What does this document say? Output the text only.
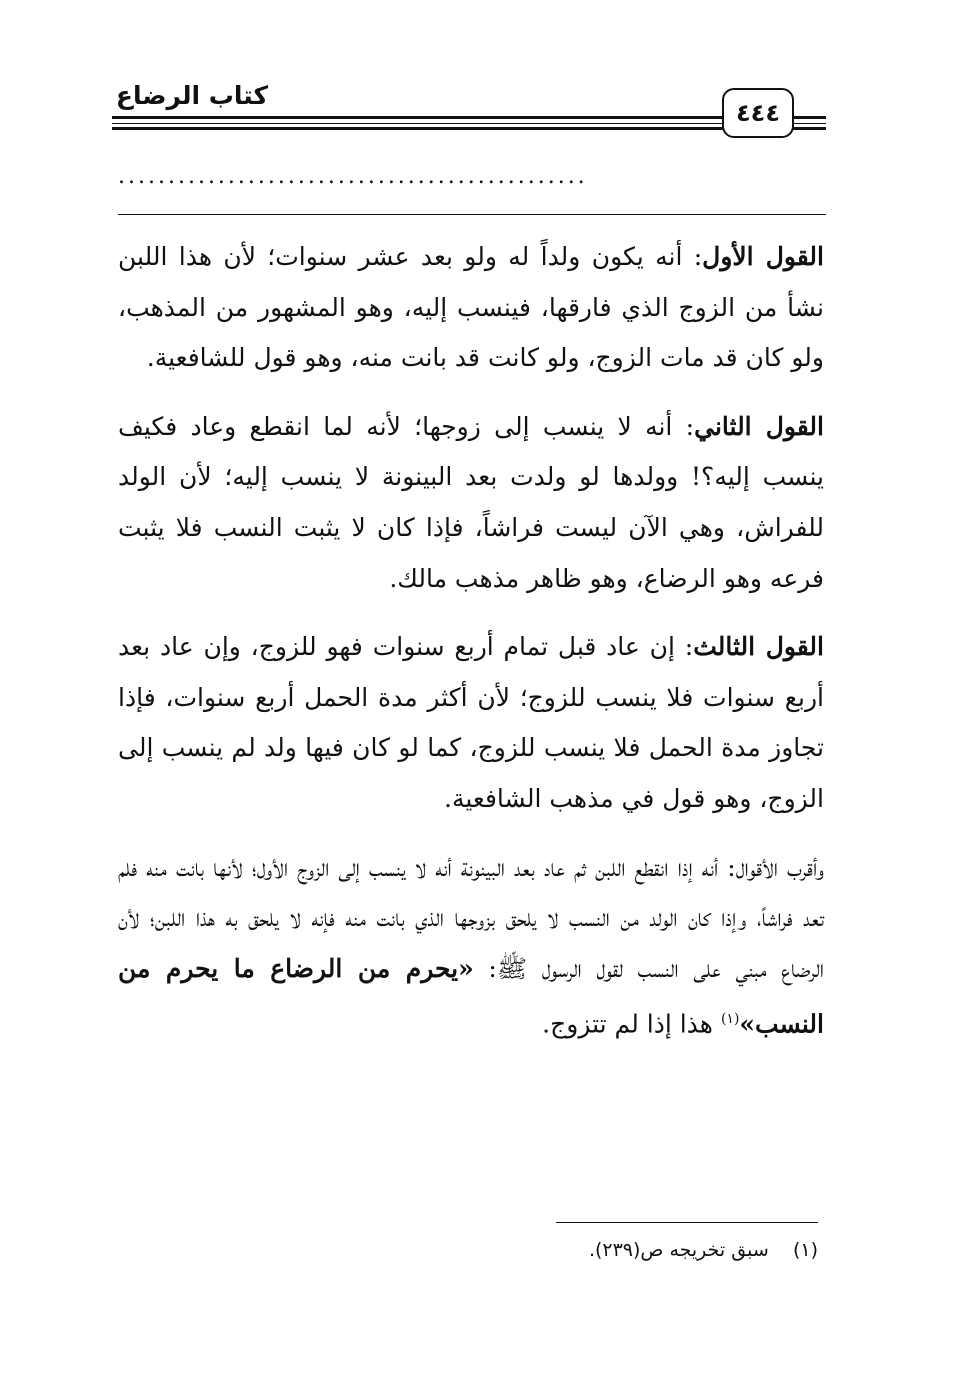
كتاب الرضاع
٤٤٤
...............................................

القول الأول: أنه يكون ولداً له ولو بعد عشر سنوات؛ لأن هذا اللبن نشأ من الزوج الذي فارقها، فينسب إليه، وهو المشهور من المذهب، ولو كان قد مات الزوج، ولو كانت قد بانت منه، وهو قول للشافعية.

القول الثاني: أنه لا ينسب إلى زوجها؛ لأنه لما انقطع وعاد فكيف ينسب إليه؟! وولدها لو ولدت بعد البينونة لا ينسب إليه؛ لأن الولد للفراش، وهي الآن ليست فراشاً، فإذا كان لا يثبت النسب فلا يثبت فرعه وهو الرضاع، وهو ظاهر مذهب مالك.

القول الثالث: إن عاد قبل تمام أربع سنوات فهو للزوج، وإن عاد بعد أربع سنوات فلا ينسب للزوج؛ لأن أكثر مدة الحمل أربع سنوات، فإذا تجاوز مدة الحمل فلا ينسب للزوج، كما لو كان فيها ولد لم ينسب إلى الزوج، وهو قول في مذهب الشافعية.

وأقرب الأقوال: أنه إذا انقطع اللبن ثم عاد بعد البينونة أنه لا ينسب إلى الزوج الأول؛ لأنها بانت منه فلم تعد فراشاً، وإذا كان الولد من النسب لا يلحق بزوجها الذي بانت منه فإنه لا يلحق به هذا اللبن؛ لأن الرضاع مبني على النسب لقول الرسول ﷺ: «يحرم من الرضاع ما يحرم من النسب»$^{(١)}$ هذا إذا لم تتزوج.

(١)    سبق تخريجه ص(٢٣٩).
